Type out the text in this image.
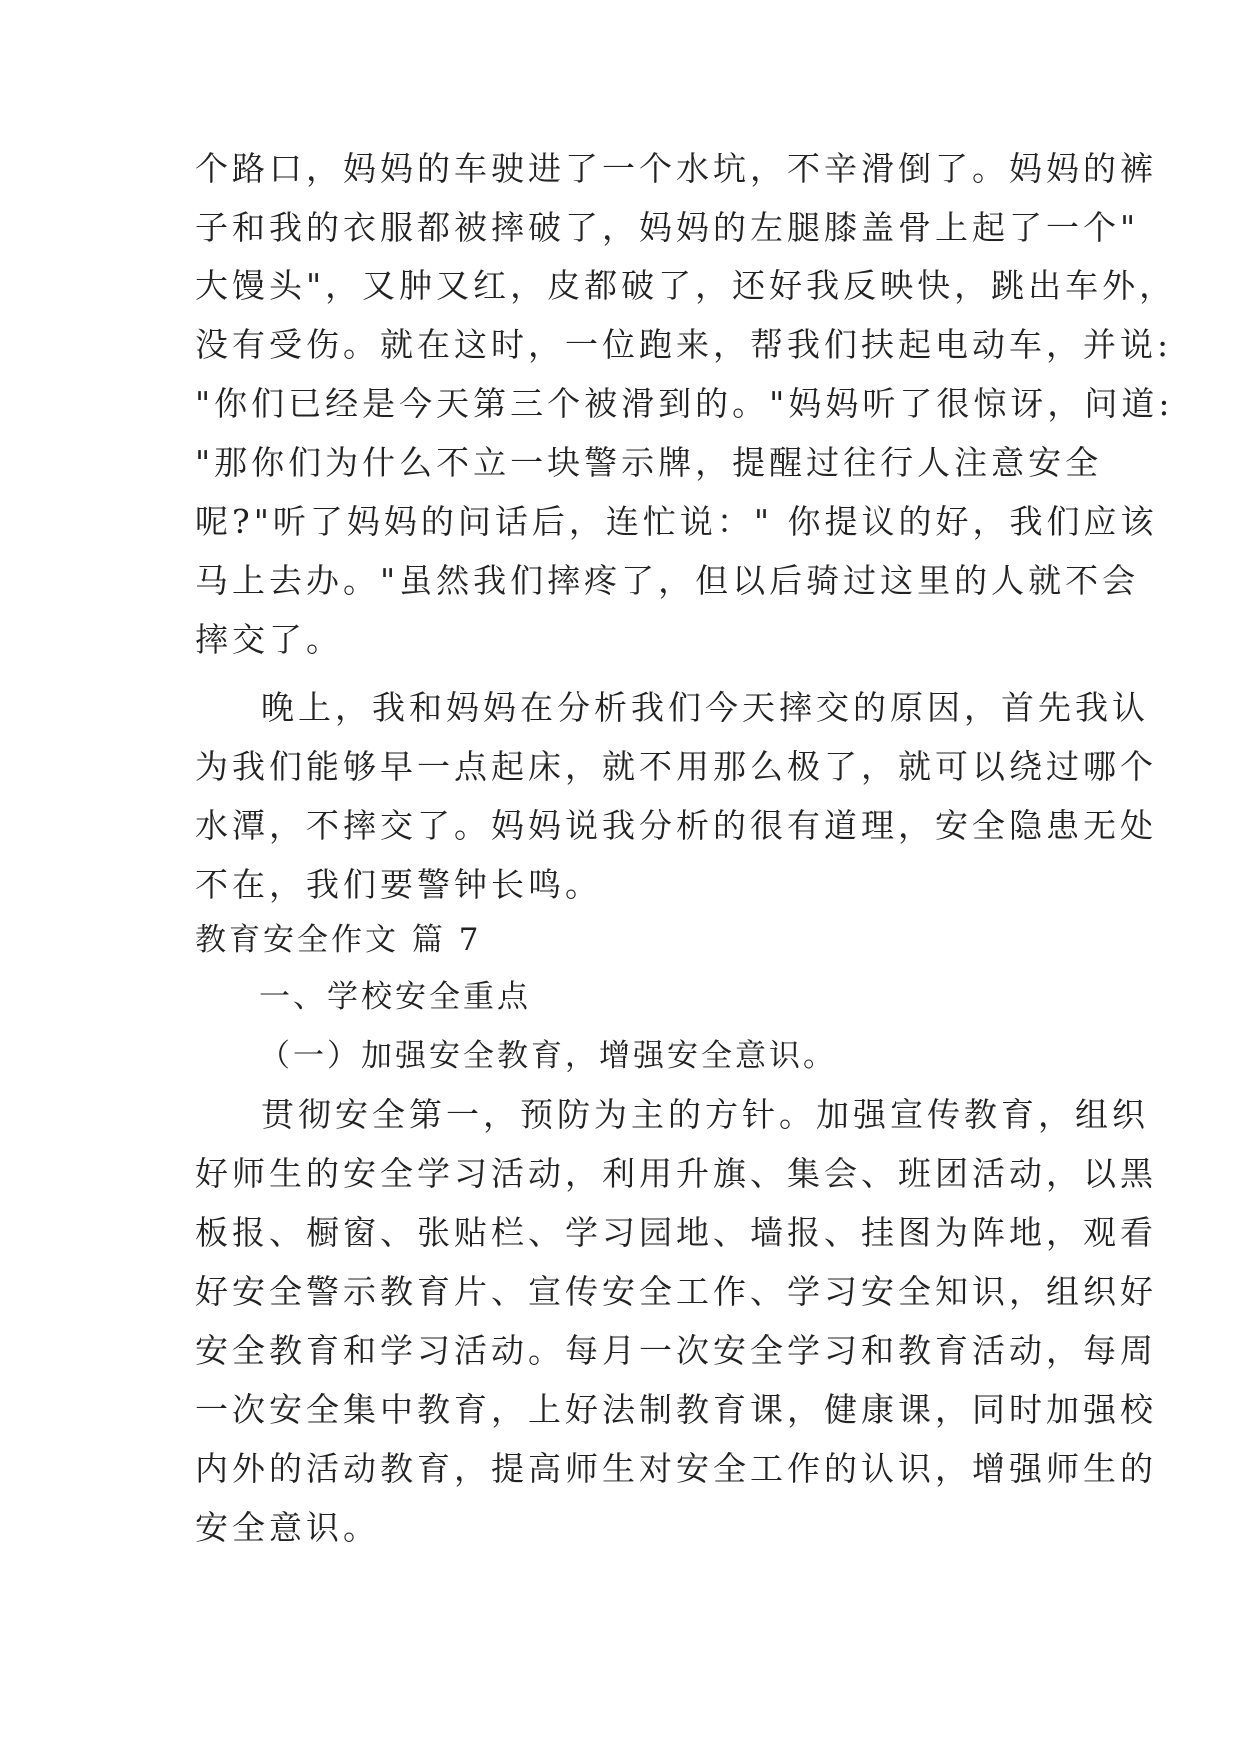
个路口，妈妈的车驶进了一个水坑，不辛滑倒了。妈妈的裤
子和我的衣服都被摔破了，妈妈的左腿膝盖骨上起了一个"
大馒头"，又肿又红，皮都破了，还好我反映快，跳出车外，
没有受伤。就在这时，一位跑来，帮我们扶起电动车，并说:
"你们已经是今天第三个被滑到的。"妈妈听了很惊讶，问道:
"那你们为什么不立一块警示牌，提醒过往行人注意安全
呢?"听了妈妈的问话后，连忙说：" 你提议的好，我们应该
马上去办。"虽然我们摔疼了，但以后骑过这里的人就不会
摔交了。
晚上，我和妈妈在分析我们今天摔交的原因，首先我认
为我们能够早一点起床，就不用那么极了，就可以绕过哪个
水潭，不摔交了。妈妈说我分析的很有道理，安全隐患无处
不在，我们要警钟长鸣。
教育安全作文 篇 7
一、学校安全重点
（一）加强安全教育，增强安全意识。
贯彻安全第一，预防为主的方针。加强宣传教育，组织
好师生的安全学习活动，利用升旗、集会、班团活动，以黑
板报、橱窗、张贴栏、学习园地、墙报、挂图为阵地，观看
好安全警示教育片、宣传安全工作、学习安全知识，组织好
安全教育和学习活动。每月一次安全学习和教育活动，每周
一次安全集中教育，上好法制教育课，健康课，同时加强校
内外的活动教育，提高师生对安全工作的认识，增强师生的
安全意识。
